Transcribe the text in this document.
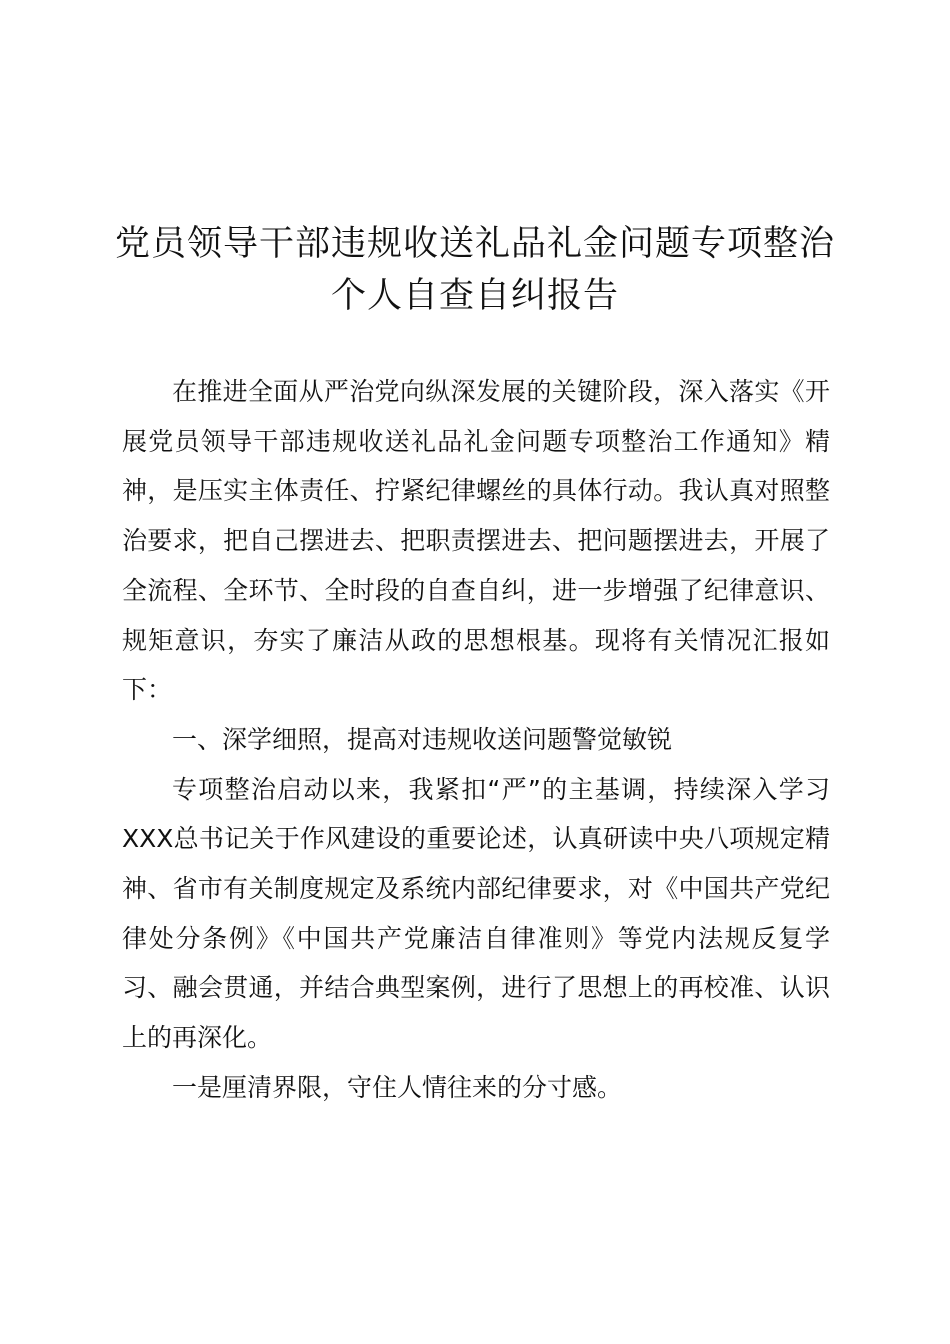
党员领导干部违规收送礼品礼金问题专项整治
个人自查自纠报告

在推进全面从严治党向纵深发展的关键阶段，深入落实《开展党员领导干部违规收送礼品礼金问题专项整治工作通知》精神，是压实主体责任、拧紧纪律螺丝的具体行动。我认真对照整治要求，把自己摆进去、把职责摆进去、把问题摆进去，开展了全流程、全环节、全时段的自查自纠，进一步增强了纪律意识、规矩意识，夯实了廉洁从政的思想根基。现将有关情况汇报如下：

一、深学细照，提高对违规收送问题警觉敏锐

专项整治启动以来，我紧扣“严”的主基调，持续深入学习XXX总书记关于作风建设的重要论述，认真研读中央八项规定精神、省市有关制度规定及系统内部纪律要求，对《中国共产党纪律处分条例》《中国共产党廉洁自律准则》等党内法规反复学习、融会贯通，并结合典型案例，进行了思想上的再校准、认识上的再深化。

一是厘清界限，守住人情往来的分寸感。
